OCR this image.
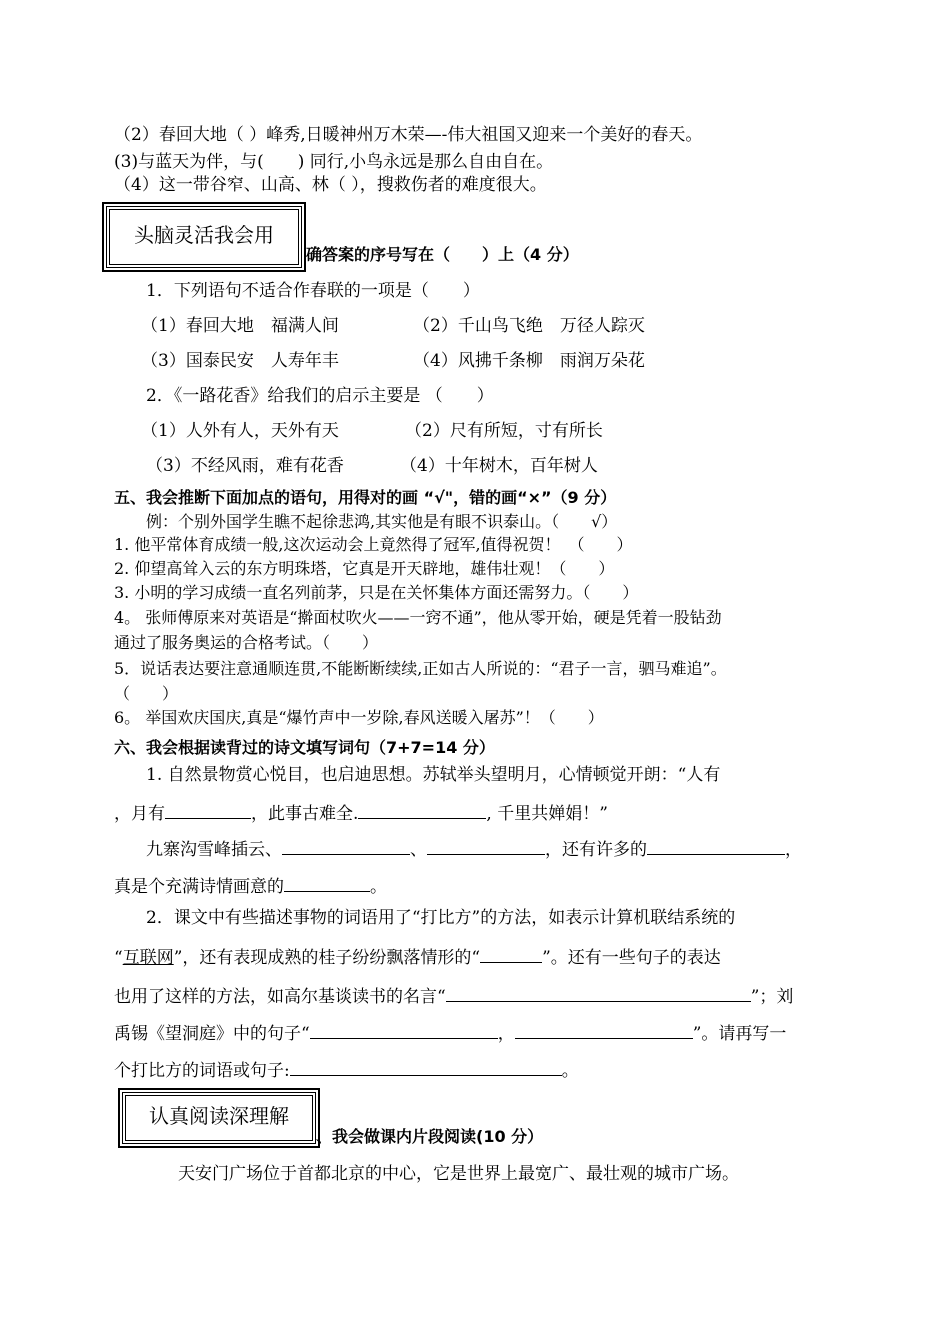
（2）春回大地（ ）峰秀,日暖神州万木荣—-伟大祖国又迎来一个美好的春天。
(3)与蓝天为伴，与(　　) 同行,小鸟永远是那么自由自在。
（4）这一带谷窄、山高、林（ ），搜救伤者的难度很大。
头脑灵活我会用
确答案的序号写在（　　）上（4 分）
1．下列语句不适合作春联的一项是（　　）
（1）春回大地　福满人间	（2）千山鸟飞绝　万径人踪灭
（3）国泰民安　人寿年丰	（4）风拂千条柳　雨润万朵花
2．《一路花香》给我们的启示主要是 （　　）
（1）人外有人，天外有天	（2）尺有所短，寸有所长
（3）不经风雨，难有花香	（4）十年树木，百年树人
五、我会推断下面加点的语句，用得对的画 “√"，错的画“×”（9 分）
例：个别外国学生瞧不起徐悲鸿,其实他是有眼不识泰山。（　　√）
1. 他平常体育成绩一般,这次运动会上竟然得了冠军,值得祝贺！　（　　）
2. 仰望高耸入云的东方明珠塔，它真是开天辟地，雄伟壮观！（　　）
3. 小明的学习成绩一直名列前茅，只是在关怀集体方面还需努力。（　　）
4。 张师傅原来对英语是“擀面杖吹火——一窍不通”，他从零开始，硬是凭着一股钻劲
通过了服务奥运的合格考试。（　　）
5．说话表达要注意通顺连贯,不能断断续续,正如古人所说的：“君子一言，驷马难追”。
（　　）
6。 举国欢庆国庆,真是“爆竹声中一岁除,春风送暖入屠苏”！（　　）
六、我会根据读背过的诗文填写词句（7+7=14 分）
1. 自然景物赏心悦目，也启迪思想。苏轼举头望明月，心情顿觉开朗：“人有
，月有	，此事古难全.	, 千里共婵娟！”
九寨沟雪峰插云、	、	，还有许多的	，
真是个充满诗情画意的	。
2．课文中有些描述事物的词语用了“打比方”的方法，如表示计算机联结系统的
“互联网”，还有表现成熟的桂子纷纷飘落情形的“	”。还有一些句子的表达
也用了这样的方法，如高尔基谈读书的名言“	”；刘
禹锡《望洞庭》中的句子“	，	”。请再写一
个打比方的词语或句子:	。
认真阅读深理解
、我会做课内片段阅读(10 分）
天安门广场位于首都北京的中心，它是世界上最宽广、最壮观的城市广场。
